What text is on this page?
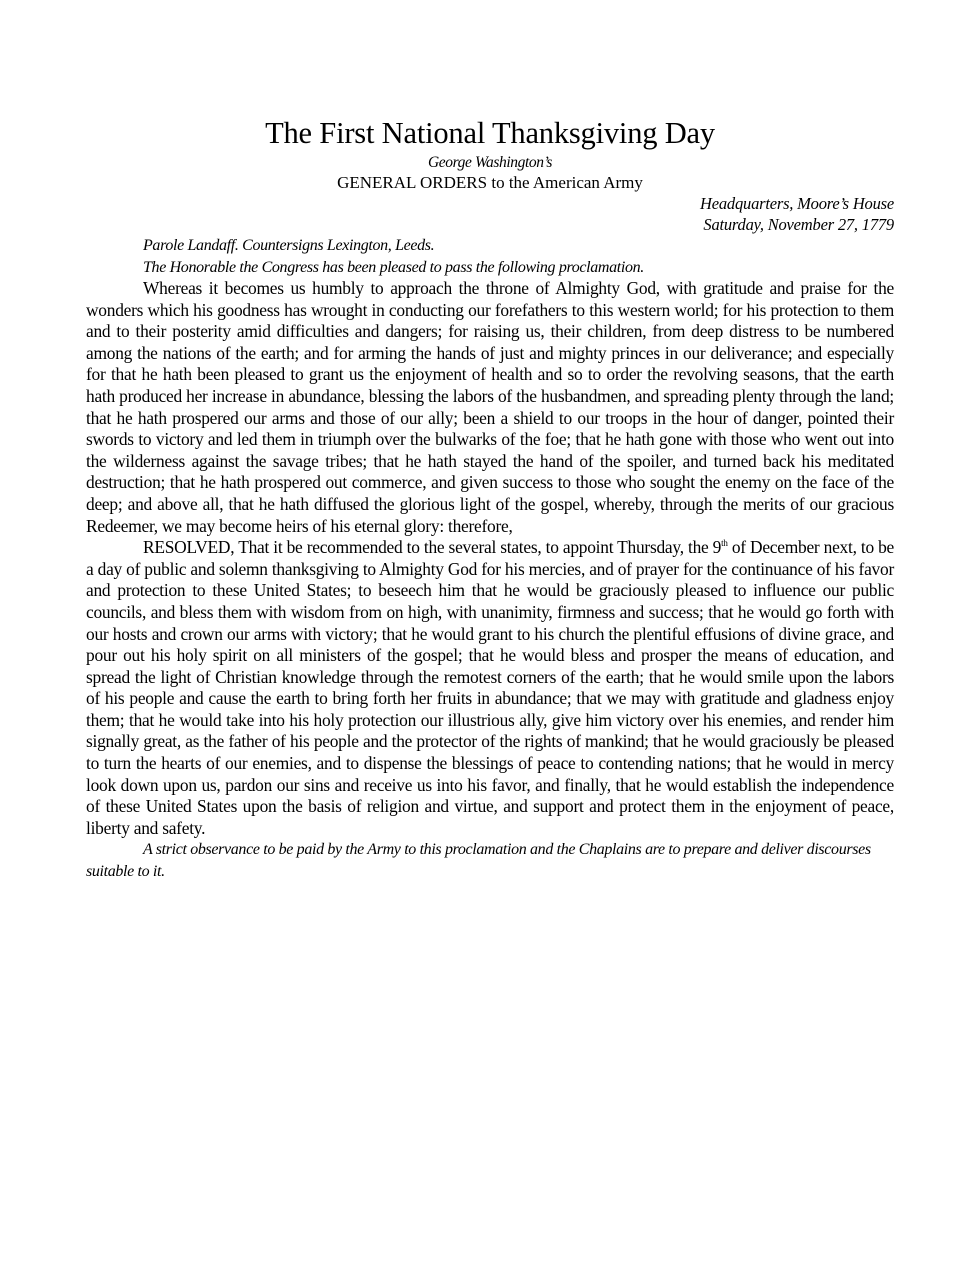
The First National Thanksgiving Day
George Washington’s
GENERAL ORDERS to the American Army
Headquarters, Moore’s House
Saturday, November 27, 1779

Parole Landaff. Countersigns Lexington, Leeds.

The Honorable the Congress has been pleased to pass the following proclamation.

Whereas it becomes us humbly to approach the throne of Almighty God, with gratitude and praise for the wonders which his goodness has wrought in conducting our forefathers to this western world; for his protection to them and to their posterity amid difficulties and dangers; for raising us, their children, from deep distress to be numbered among the nations of the earth; and for arming the hands of just and mighty princes in our deliverance; and especially for that he hath been pleased to grant us the enjoyment of health and so to order the revolving seasons, that the earth hath produced her increase in abundance, blessing the labors of the husbandmen, and spreading plenty through the land; that he hath prospered our arms and those of our ally; been a shield to our troops in the hour of danger, pointed their swords to victory and led them in triumph over the bulwarks of the foe; that he hath gone with those who went out into the wilderness against the savage tribes; that he hath stayed the hand of the spoiler, and turned back his meditated destruction; that he hath prospered out commerce, and given success to those who sought the enemy on the face of the deep; and above all, that he hath diffused the glorious light of the gospel, whereby, through the merits of our gracious Redeemer, we may become heirs of his eternal glory: therefore,

RESOLVED, That it be recommended to the several states, to appoint Thursday, the 9th of December next, to be a day of public and solemn thanksgiving to Almighty God for his mercies, and of prayer for the continuance of his favor and protection to these United States; to beseech him that he would be graciously pleased to influence our public councils, and bless them with wisdom from on high, with unanimity, firmness and success; that he would go forth with our hosts and crown our arms with victory; that he would grant to his church the plentiful effusions of divine grace, and pour out his holy spirit on all ministers of the gospel; that he would bless and prosper the means of education, and spread the light of Christian knowledge through the remotest corners of the earth; that he would smile upon the labors of his people and cause the earth to bring forth her fruits in abundance; that we may with gratitude and gladness enjoy them; that he would take into his holy protection our illustrious ally, give him victory over his enemies, and render him signally great, as the father of his people and the protector of the rights of mankind; that he would graciously be pleased to turn the hearts of our enemies, and to dispense the blessings of peace to contending nations; that he would in mercy look down upon us, pardon our sins and receive us into his favor, and finally, that he would establish the independence of these United States upon the basis of religion and virtue, and support and protect them in the enjoyment of peace, liberty and safety.

A strict observance to be paid by the Army to this proclamation and the Chaplains are to prepare and deliver discourses suitable to it.
